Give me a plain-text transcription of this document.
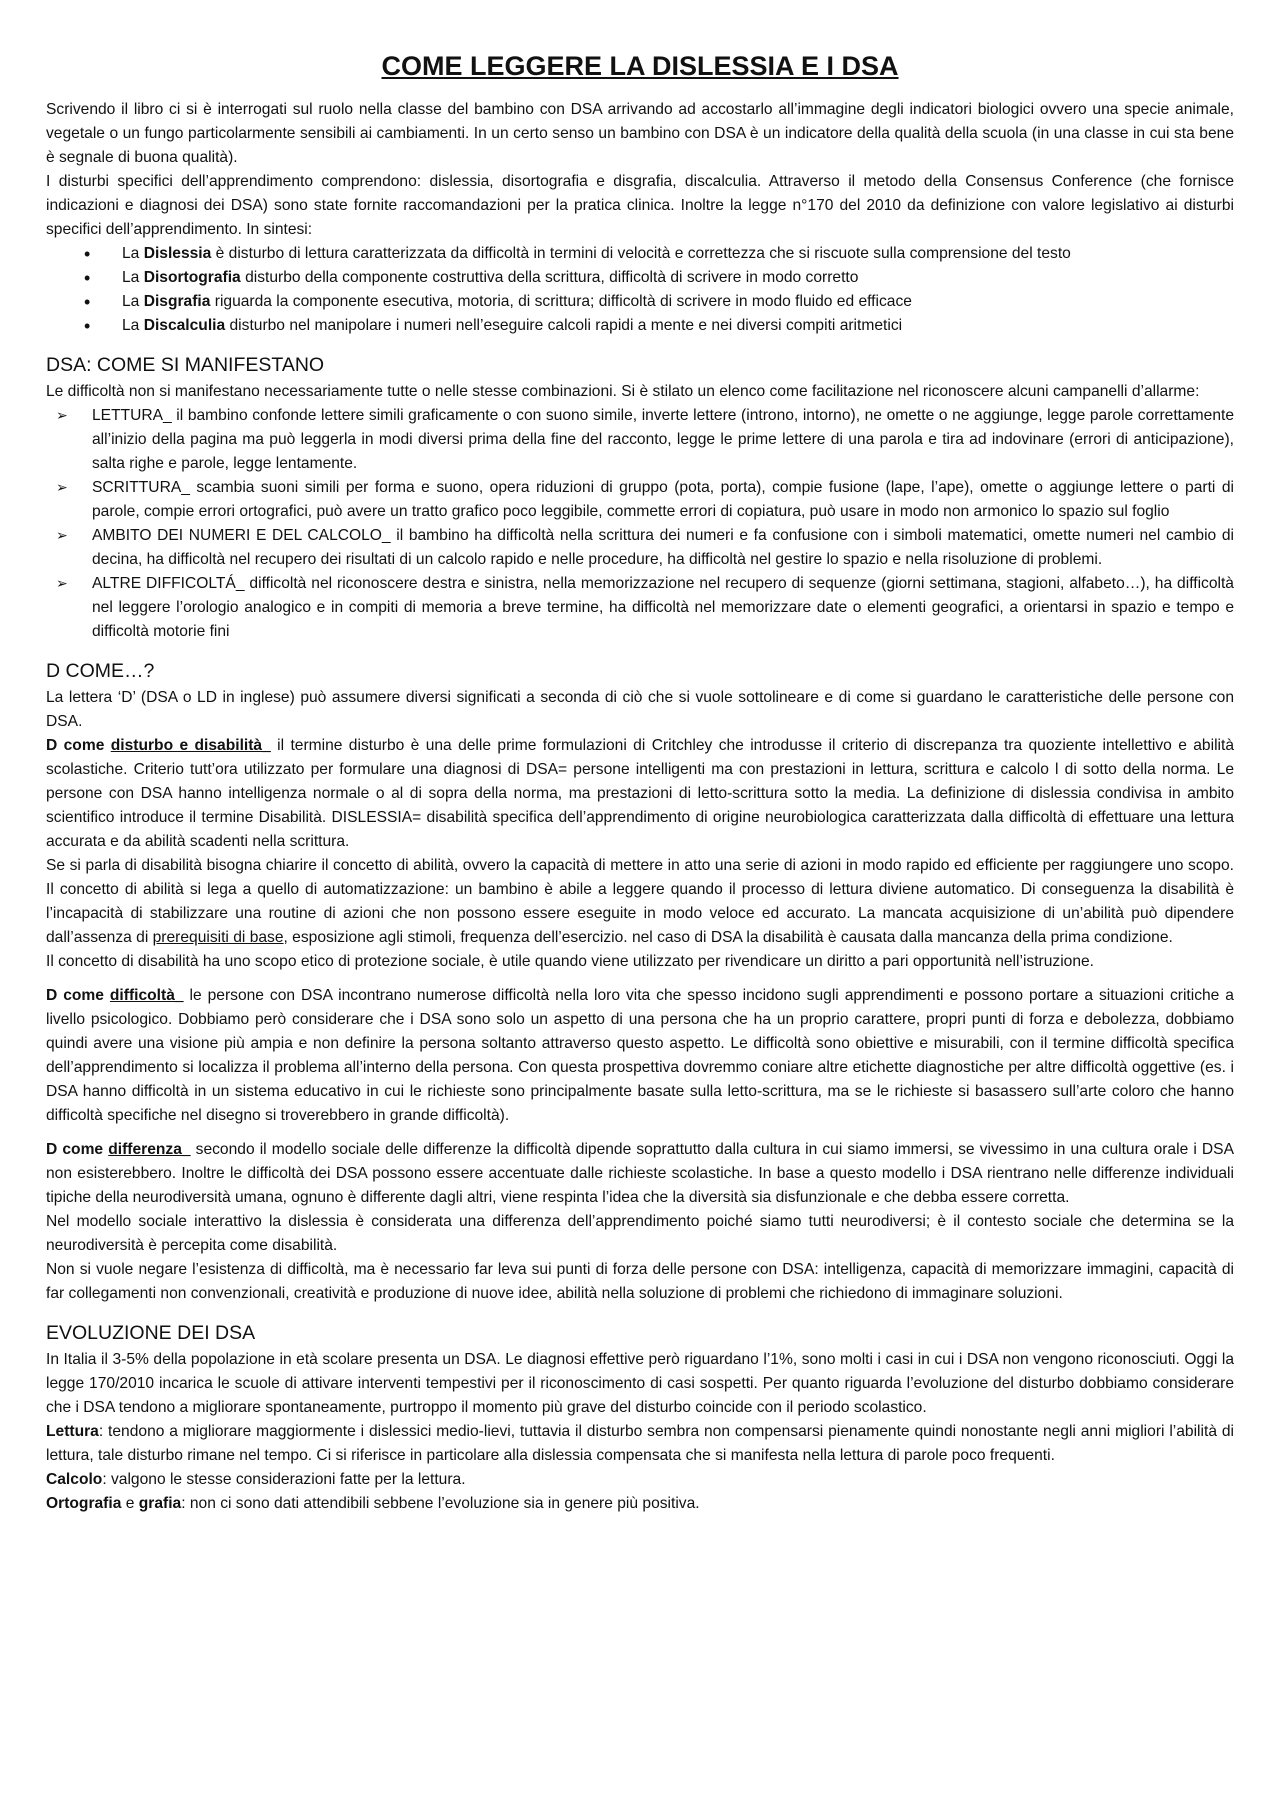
COME LEGGERE LA DISLESSIA E I DSA

Scrivendo il libro ci si è interrogati sul ruolo nella classe del bambino con DSA arrivando ad accostarlo all’immagine degli indicatori biologici ovvero una specie animale, vegetale o un fungo particolarmente sensibili ai cambiamenti. In un certo senso un bambino con DSA è un indicatore della qualità della scuola (in una classe in cui sta bene è segnale di buona qualità).

I disturbi specifici dell’apprendimento comprendono: dislessia, disortografia e disgrafia, discalculia. Attraverso il metodo della Consensus Conference (che fornisce indicazioni e diagnosi dei DSA) sono state fornite raccomandazioni per la pratica clinica. Inoltre la legge n°170 del 2010 da definizione con valore legislativo ai disturbi specifici dell’apprendimento. In sintesi:

• La Dislessia è disturbo di lettura caratterizzata da difficoltà in termini di velocità e correttezza che si riscuote sulla comprensione del testo
• La Disortografia disturbo della componente costruttiva della scrittura, difficoltà di scrivere in modo corretto
• La Disgrafia riguarda la componente esecutiva, motoria, di scrittura; difficoltà di scrivere in modo fluido ed efficace
• La Discalculia disturbo nel manipolare i numeri nell’eseguire calcoli rapidi a mente e nei diversi compiti aritmetici
DSA: COME SI MANIFESTANO

Le difficoltà non si manifestano necessariamente tutte o nelle stesse combinazioni. Si è stilato un elenco come facilitazione nel riconoscere alcuni campanelli d’allarme:

➢ LETTURA_ il bambino confonde lettere simili graficamente o con suono simile, inverte lettere (introno, intorno), ne omette o ne aggiunge, legge parole correttamente all’inizio della pagina ma può leggerla in modi diversi prima della fine del racconto, legge le prime lettere di una parola e tira ad indovinare (errori di anticipazione), salta righe e parole, legge lentamente.
➢ SCRITTURA_ scambia suoni simili per forma e suono, opera riduzioni di gruppo (pota, porta), compie fusione (lape, l’ape), omette o aggiunge lettere o parti di parole, compie errori ortografici, può avere un tratto grafico poco leggibile, commette errori di copiatura, può usare in modo non armonico lo spazio sul foglio
➢ AMBITO DEI NUMERI E DEL CALCOLO_ il bambino ha difficoltà nella scrittura dei numeri e fa confusione con i simboli matematici, omette numeri nel cambio di decina, ha difficoltà nel recupero dei risultati di un calcolo rapido e nelle procedure, ha difficoltà nel gestire lo spazio e nella risoluzione di problemi.
➢ ALTRE DIFFICOLTÁ_ difficoltà nel riconoscere destra e sinistra, nella memorizzazione nel recupero di sequenze (giorni settimana, stagioni, alfabeto…), ha difficoltà nel leggere l’orologio analogico e in compiti di memoria a breve termine, ha difficoltà nel memorizzare date o elementi geografici, a orientarsi in spazio e tempo e difficoltà motorie fini
D COME…?

La lettera ‘D’ (DSA o LD in inglese) può assumere diversi significati a seconda di ciò che si vuole sottolineare e di come si guardano le caratteristiche delle persone con DSA.

D come disturbo e disabilità_ il termine disturbo è una delle prime formulazioni di Critchley che introdusse il criterio di discrepanza tra quoziente intellettivo e abilità scolastiche. Criterio tutt’ora utilizzato per formulare una diagnosi di DSA= persone intelligenti ma con prestazioni in lettura, scrittura e calcolo l di sotto della norma. Le persone con DSA hanno intelligenza normale o al di sopra della norma, ma prestazioni di letto-scrittura sotto la media. La definizione di dislessia condivisa in ambito scientifico introduce il termine Disabilità. DISLESSIA= disabilità specifica dell’apprendimento di origine neurobiologica caratterizzata dalla difficoltà di effettuare una lettura accurata e da abilità scadenti nella scrittura.

Se si parla di disabilità bisogna chiarire il concetto di abilità, ovvero la capacità di mettere in atto una serie di azioni in modo rapido ed efficiente per raggiungere uno scopo. Il concetto di abilità si lega a quello di automatizzazione: un bambino è abile a leggere quando il processo di lettura diviene automatico. Di conseguenza la disabilità è l’incapacità di stabilizzare una routine di azioni che non possono essere eseguite in modo veloce ed accurato. La mancata acquisizione di un’abilità può dipendere dall’assenza di prerequisiti di base, esposizione agli stimoli, frequenza dell’esercizio. nel caso di DSA la disabilità è causata dalla mancanza della prima condizione.

Il concetto di disabilità ha uno scopo etico di protezione sociale, è utile quando viene utilizzato per rivendicare un diritto a pari opportunità nell’istruzione.

D come difficoltà_ le persone con DSA incontrano numerose difficoltà nella loro vita che spesso incidono sugli apprendimenti e possono portare a situazioni critiche a livello psicologico. Dobbiamo però considerare che i DSA sono solo un aspetto di una persona che ha un proprio carattere, propri punti di forza e debolezza, dobbiamo quindi avere una visione più ampia e non definire la persona soltanto attraverso questo aspetto. Le difficoltà sono obiettive e misurabili, con il termine difficoltà specifica dell’apprendimento si localizza il problema all’interno della persona. Con questa prospettiva dovremmo coniare altre etichette diagnostiche per altre difficoltà oggettive (es. i DSA hanno difficoltà in un sistema educativo in cui le richieste sono principalmente basate sulla letto-scrittura, ma se le richieste si basassero sull’arte coloro che hanno difficoltà specifiche nel disegno si troverebbero in grande difficoltà).

D come differenza_ secondo il modello sociale delle differenze la difficoltà dipende soprattutto dalla cultura in cui siamo immersi, se vivessimo in una cultura orale i DSA non esisterebbero. Inoltre le difficoltà dei DSA possono essere accentuate dalle richieste scolastiche. In base a questo modello i DSA rientrano nelle differenze individuali tipiche della neurodiversità umana, ognuno è differente dagli altri, viene respinta l’idea che la diversità sia disfunzionale e che debba essere corretta.

Nel modello sociale interattivo la dislessia è considerata una differenza dell’apprendimento poiché siamo tutti neurodiversi; è il contesto sociale che determina se la neurodiversità è percepita come disabilità.

Non si vuole negare l’esistenza di difficoltà, ma è necessario far leva sui punti di forza delle persone con DSA: intelligenza, capacità di memorizzare immagini, capacità di far collegamenti non convenzionali, creatività e produzione di nuove idee, abilità nella soluzione di problemi che richiedono di immaginare soluzioni.

EVOLUZIONE DEI DSA

In Italia il 3-5% della popolazione in età scolare presenta un DSA. Le diagnosi effettive però riguardano l’1%, sono molti i casi in cui i DSA non vengono riconosciuti. Oggi la legge 170/2010 incarica le scuole di attivare interventi tempestivi per il riconoscimento di casi sospetti. Per quanto riguarda l’evoluzione del disturbo dobbiamo considerare che i DSA tendono a migliorare spontaneamente, purtroppo il momento più grave del disturbo coincide con il periodo scolastico.

Lettura: tendono a migliorare maggiormente i dislessici medio-lievi, tuttavia il disturbo sembra non compensarsi pienamente quindi nonostante negli anni migliori l’abilità di lettura, tale disturbo rimane nel tempo. Ci si riferisce in particolare alla dislessia compensata che si manifesta nella lettura di parole poco frequenti.

Calcolo: valgono le stesse considerazioni fatte per la lettura.

Ortografia e grafia: non ci sono dati attendibili sebbene l’evoluzione sia in genere più positiva.
